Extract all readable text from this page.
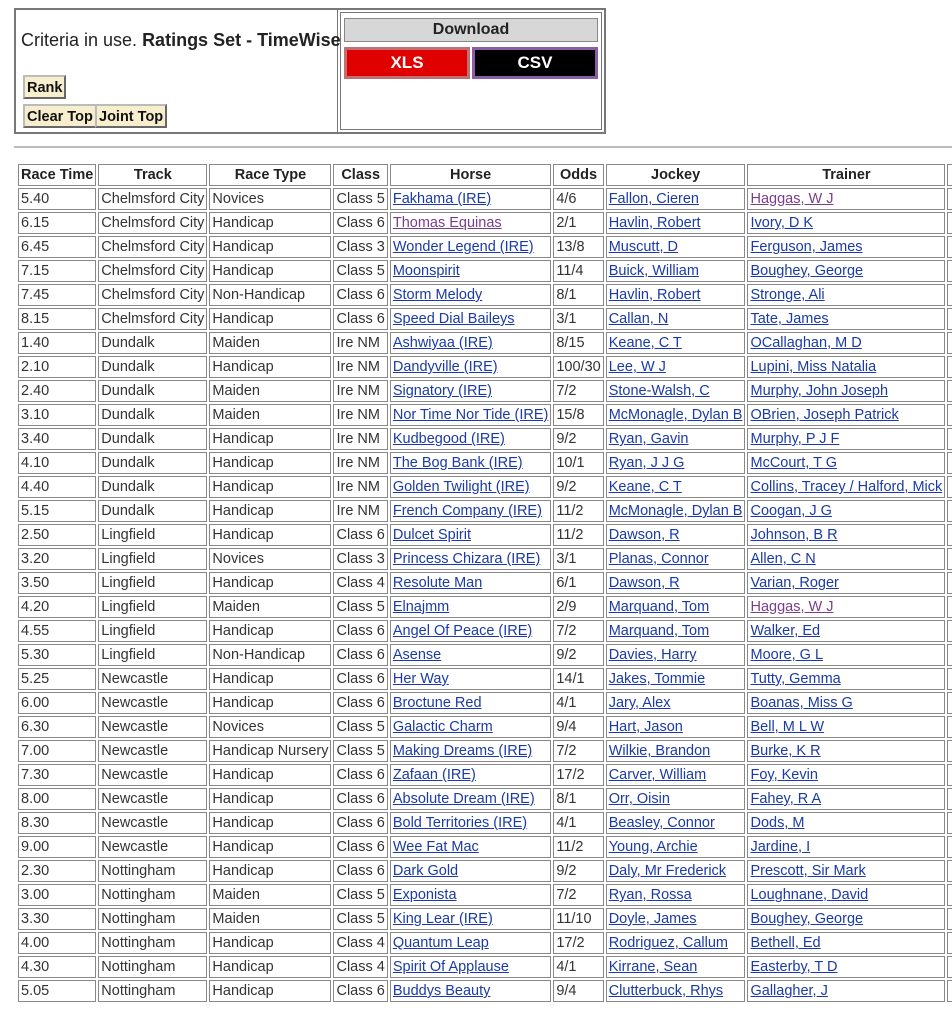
Criteria in use. Ratings Set - TimeWise
Rank
Clear Top Joint Top
Download
XLS	CSV
Race Time	Track	Race Type	Class	Horse	Odds	Jockey	Trainer	
5.40	Chelmsford City	Novices	Class 5	Fakhama (IRE)	4/6	Fallon, Cieren	Haggas, W J	
6.15	Chelmsford City	Handicap	Class 6	Thomas Equinas	2/1	Havlin, Robert	Ivory, D K	
6.45	Chelmsford City	Handicap	Class 3	Wonder Legend (IRE)	13/8	Muscutt, D	Ferguson, James	
7.15	Chelmsford City	Handicap	Class 5	Moonspirit	11/4	Buick, William	Boughey, George	
7.45	Chelmsford City	Non-Handicap	Class 6	Storm Melody	8/1	Havlin, Robert	Stronge, Ali	
8.15	Chelmsford City	Handicap	Class 6	Speed Dial Baileys	3/1	Callan, N	Tate, James	
1.40	Dundalk	Maiden	Ire NM	Ashwiyaa (IRE)	8/15	Keane, C T	OCallaghan, M D	
2.10	Dundalk	Handicap	Ire NM	Dandyville (IRE)	100/30	Lee, W J	Lupini, Miss Natalia	
2.40	Dundalk	Maiden	Ire NM	Signatory (IRE)	7/2	Stone-Walsh, C	Murphy, John Joseph	
3.10	Dundalk	Maiden	Ire NM	Nor Time Nor Tide (IRE)	15/8	McMonagle, Dylan B	OBrien, Joseph Patrick	
3.40	Dundalk	Handicap	Ire NM	Kudbegood (IRE)	9/2	Ryan, Gavin	Murphy, P J F	
4.10	Dundalk	Handicap	Ire NM	The Bog Bank (IRE)	10/1	Ryan, J J G	McCourt, T G	
4.40	Dundalk	Handicap	Ire NM	Golden Twilight (IRE)	9/2	Keane, C T	Collins, Tracey / Halford, Mick	
5.15	Dundalk	Handicap	Ire NM	French Company (IRE)	11/2	McMonagle, Dylan B	Coogan, J G	
2.50	Lingfield	Handicap	Class 6	Dulcet Spirit	11/2	Dawson, R	Johnson, B R	
3.20	Lingfield	Novices	Class 3	Princess Chizara (IRE)	3/1	Planas, Connor	Allen, C N	
3.50	Lingfield	Handicap	Class 4	Resolute Man	6/1	Dawson, R	Varian, Roger	
4.20	Lingfield	Maiden	Class 5	Elnajmm	2/9	Marquand, Tom	Haggas, W J	
4.55	Lingfield	Handicap	Class 6	Angel Of Peace (IRE)	7/2	Marquand, Tom	Walker, Ed	
5.30	Lingfield	Non-Handicap	Class 6	Asense	9/2	Davies, Harry	Moore, G L	
5.25	Newcastle	Handicap	Class 6	Her Way	14/1	Jakes, Tommie	Tutty, Gemma	
6.00	Newcastle	Handicap	Class 6	Broctune Red	4/1	Jary, Alex	Boanas, Miss G	
6.30	Newcastle	Novices	Class 5	Galactic Charm	9/4	Hart, Jason	Bell, M L W	
7.00	Newcastle	Handicap Nursery	Class 5	Making Dreams (IRE)	7/2	Wilkie, Brandon	Burke, K R	
7.30	Newcastle	Handicap	Class 6	Zafaan (IRE)	17/2	Carver, William	Foy, Kevin	
8.00	Newcastle	Handicap	Class 6	Absolute Dream (IRE)	8/1	Orr, Oisin	Fahey, R A	
8.30	Newcastle	Handicap	Class 6	Bold Territories (IRE)	4/1	Beasley, Connor	Dods, M	
9.00	Newcastle	Handicap	Class 6	Wee Fat Mac	11/2	Young, Archie	Jardine, I	
2.30	Nottingham	Handicap	Class 6	Dark Gold	9/2	Daly, Mr Frederick	Prescott, Sir Mark	
3.00	Nottingham	Maiden	Class 5	Exponista	7/2	Ryan, Rossa	Loughnane, David	
3.30	Nottingham	Maiden	Class 5	King Lear (IRE)	11/10	Doyle, James	Boughey, George	
4.00	Nottingham	Handicap	Class 4	Quantum Leap	17/2	Rodriguez, Callum	Bethell, Ed	
4.30	Nottingham	Handicap	Class 4	Spirit Of Applause	4/1	Kirrane, Sean	Easterby, T D	
5.05	Nottingham	Handicap	Class 6	Buddys Beauty	9/4	Clutterbuck, Rhys	Gallagher, J	
